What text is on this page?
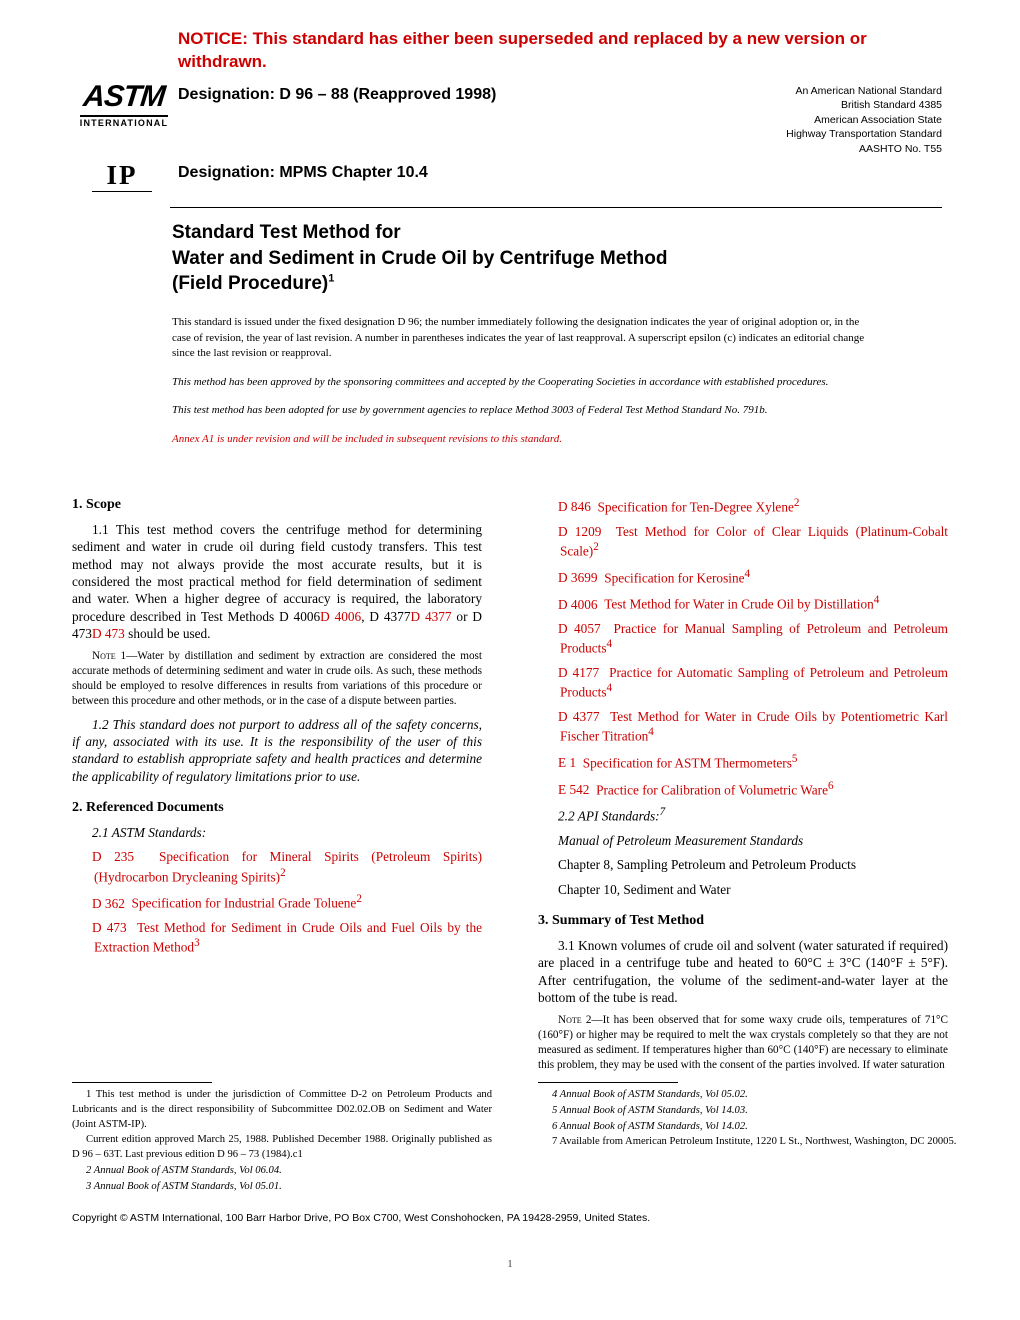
NOTICE: This standard has either been superseded and replaced by a new version or withdrawn.
ASTM
INTERNATIONAL
IP
Designation: D 96 – 88 (Reapproved 1998)
Designation: MPMS Chapter 10.4
An American National Standard
British Standard 4385
American Association State
Highway Transportation Standard
AASHTO No. T55
Standard Test Method for
Water and Sediment in Crude Oil by Centrifuge Method
(Field Procedure)$^1$

This standard is issued under the fixed designation D 96; the number immediately following the designation indicates the year of original adoption or, in the case of revision, the year of last revision. A number in parentheses indicates the year of last reapproval. A superscript epsilon (c) indicates an editorial change since the last revision or reapproval.

This method has been approved by the sponsoring committees and accepted by the Cooperating Societies in accordance with established procedures.

This test method has been adopted for use by government agencies to replace Method 3003 of Federal Test Method Standard No. 791b.

Annex A1 is under revision and will be included in subsequent revisions to this standard.

1. Scope

1.1 This test method covers the centrifuge method for determining sediment and water in crude oil during field custody transfers. This test method may not always provide the most accurate results, but it is considered the most practical method for field determination of sediment and water. When a higher degree of accuracy is required, the laboratory procedure described in Test Methods D 4006D 4006, D 4377D 4377 or D 473D 473 should be used.

Note 1—Water by distillation and sediment by extraction are considered the most accurate methods of determining sediment and water in crude oils. As such, these methods should be employed to resolve differences in results from variations of this procedure or between this procedure and other methods, or in the case of a dispute between parties.

1.2 This standard does not purport to address all of the safety concerns, if any, associated with its use. It is the responsibility of the user of this standard to establish appropriate safety and health practices and determine the applicability of regulatory limitations prior to use.

2. Referenced Documents

2.1 ASTM Standards:

D 235 Specification for Mineral Spirits (Petroleum Spirits) (Hydrocarbon Drycleaning Spirits)$^2$

D 362 Specification for Industrial Grade Toluene$^2$

D 473 Test Method for Sediment in Crude Oils and Fuel Oils by the Extraction Method$^3$

D 846 Specification for Ten-Degree Xylene$^2$

D 1209 Test Method for Color of Clear Liquids (Platinum-Cobalt Scale)$^2$

D 3699 Specification for Kerosine$^4$

D 4006 Test Method for Water in Crude Oil by Distillation$^4$

D 4057 Practice for Manual Sampling of Petroleum and Petroleum Products$^4$

D 4177 Practice for Automatic Sampling of Petroleum and Petroleum Products$^4$

D 4377 Test Method for Water in Crude Oils by Potentiometric Karl Fischer Titration$^4$

E 1 Specification for ASTM Thermometers$^5$

E 542 Practice for Calibration of Volumetric Ware$^6$

2.2 API Standards:$^7$

Manual of Petroleum Measurement Standards

Chapter 8, Sampling Petroleum and Petroleum Products

Chapter 10, Sediment and Water

3. Summary of Test Method

3.1 Known volumes of crude oil and solvent (water saturated if required) are placed in a centrifuge tube and heated to 60°C ± 3°C (140°F ± 5°F). After centrifugation, the volume of the sediment-and-water layer at the bottom of the tube is read.

Note 2—It has been observed that for some waxy crude oils, temperatures of 71°C (160°F) or higher may be required to melt the wax crystals completely so that they are not measured as sediment. If temperatures higher than 60°C (140°F) are necessary to eliminate this problem, they may be used with the consent of the parties involved. If water saturation

1 This test method is under the jurisdiction of Committee D-2 on Petroleum Products and Lubricants and is the direct responsibility of Subcommittee D02.02.OB on Sediment and Water (Joint ASTM-IP).

Current edition approved March 25, 1988. Published December 1988. Originally published as D 96 – 63T. Last previous edition D 96 – 73 (1984).c1

2 Annual Book of ASTM Standards, Vol 06.04.

3 Annual Book of ASTM Standards, Vol 05.01.

4 Annual Book of ASTM Standards, Vol 05.02.

5 Annual Book of ASTM Standards, Vol 14.03.

6 Annual Book of ASTM Standards, Vol 14.02.

7 Available from American Petroleum Institute, 1220 L St., Northwest, Washington, DC 20005.

Copyright © ASTM International, 100 Barr Harbor Drive, PO Box C700, West Conshohocken, PA 19428-2959, United States.
1
